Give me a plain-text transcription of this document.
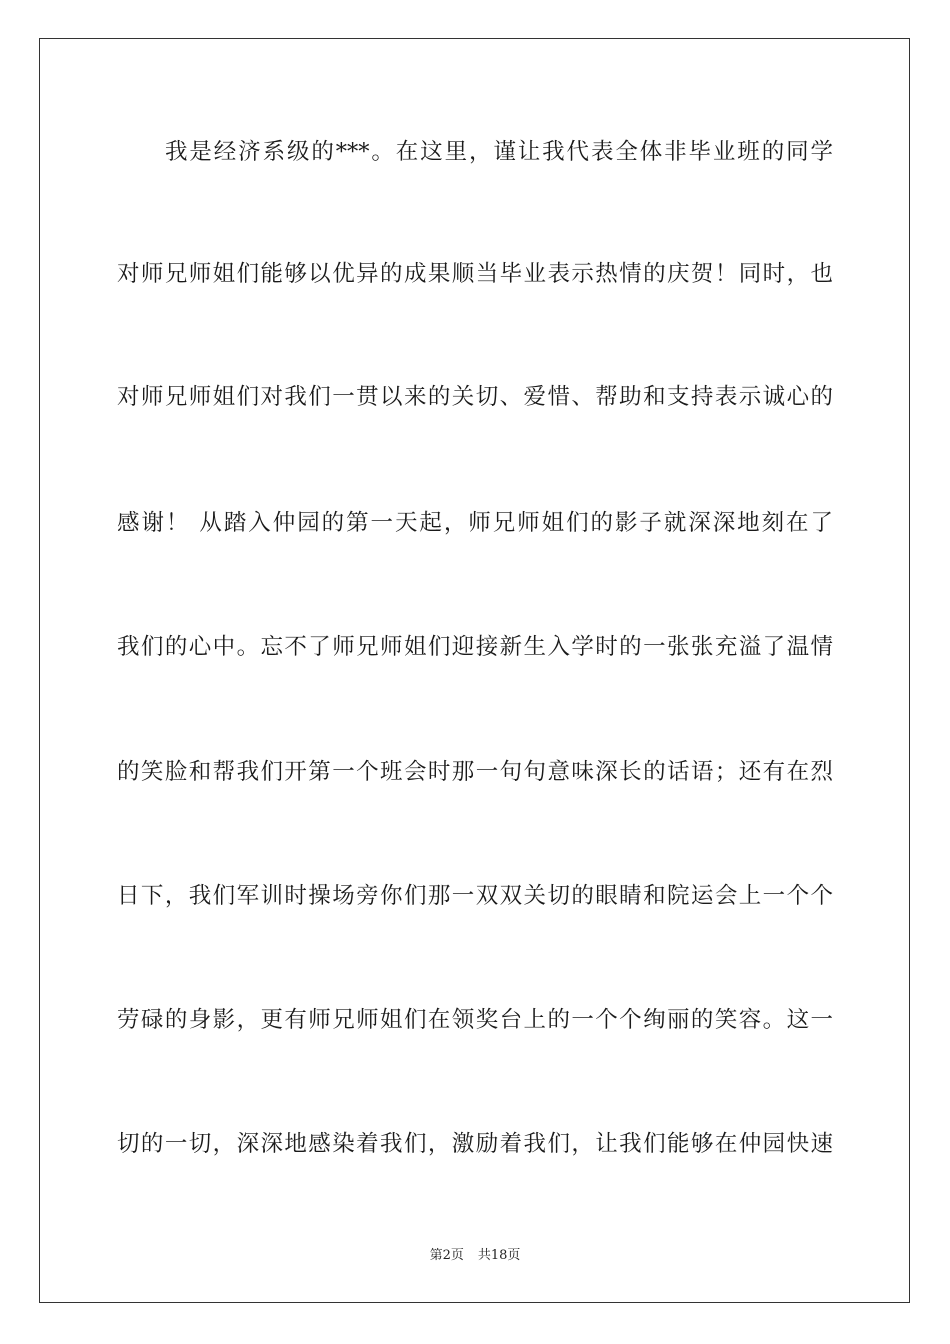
我是经济系级的***。在这里，谨让我代表全体非毕业班的同学
对师兄师姐们能够以优异的成果顺当毕业表示热情的庆贺！同时，也
对师兄师姐们对我们一贯以来的关切、爱惜、帮助和支持表示诚心的
感谢！ 从踏入仲园的第一天起，师兄师姐们的影子就深深地刻在了
我们的心中。忘不了师兄师姐们迎接新生入学时的一张张充溢了温情
的笑脸和帮我们开第一个班会时那一句句意味深长的话语；还有在烈
日下，我们军训时操场旁你们那一双双关切的眼睛和院运会上一个个
劳碌的身影，更有师兄师姐们在领奖台上的一个个绚丽的笑容。这一
切的一切，深深地感染着我们，激励着我们，让我们能够在仲园快速
第2页 共18页
